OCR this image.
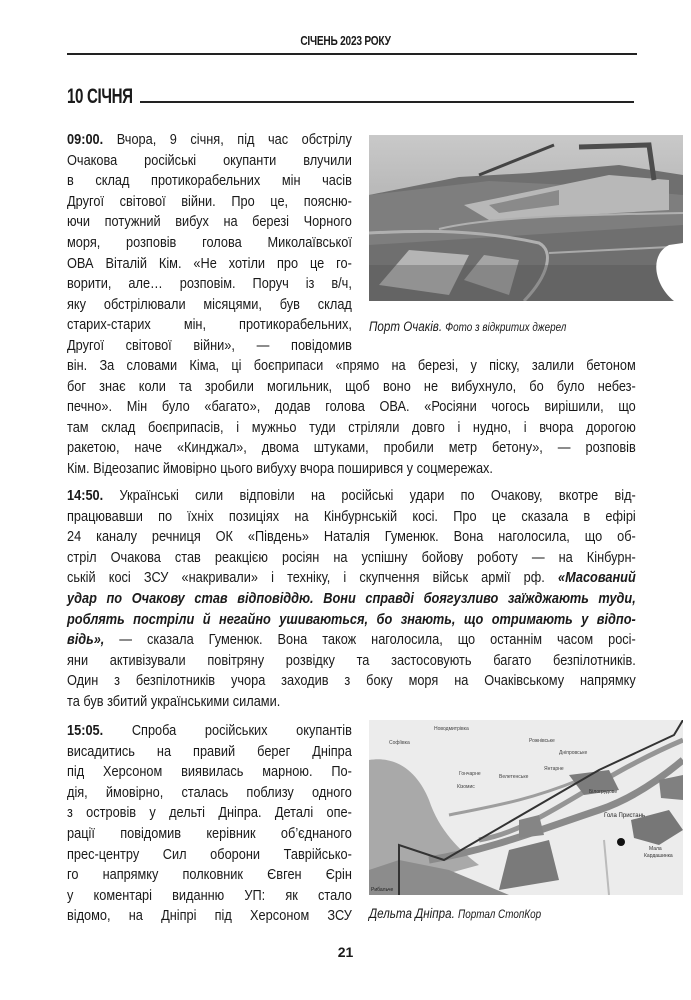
СІЧЕНЬ 2023 РОКУ
10 СІЧНЯ
09:00. Вчора, 9 січня, під час обстрілу
Очакова російські окупанти влучили
в склад протикорабельних мін часів
Другої світової війни. Про це, поясню-
ючи потужний вибух на березі Чорного
моря, розповів голова Миколаївської
ОВА Віталій Кім. «Не хотіли про це го-
ворити, але… розповім. Поруч із в/ч,
яку обстрілювали місяцями, був склад
старих-старих мін, протикорабельних,
Другої світової війни», — повідомив
Порт Очаків. Фото з відкритих джерел
він. За словами Кіма, ці боєприпаси «прямо на березі, у піску, залили бетоном
бог знає коли та зробили могильник, щоб воно не вибухнуло, бо було небез-
печно». Мін було «багато», додав голова ОВА. «Росіяни чогось вирішили, що
там склад боєприпасів, і мужньо туди стріляли довго і нудно, і вчора дорогою
ракетою, наче «Кинджал», двома штуками, пробили метр бетону», — розповів
Кім. Відеозапис ймовірно цього вибуху вчора поширився у соцмережах.
14:50. Українські сили відповіли на російські удари по Очакову, вкотре від-
працювавши по їхніх позиціях на Кінбурнській косі. Про це сказала в ефірі
24 каналу речниця ОК «Південь» Наталія Гуменюк. Вона наголосила, що об-
стріл Очакова став реакцією росіян на успішну бойову роботу — на Кінбурн-
ській косі ЗСУ «накривали» і техніку, і скупчення військ армії рф. «Масований
удар по Очакову став відповіддю. Вони справді боягузливо заїжджають туди,
роблять постріли й негайно ушиваються, бо знають, що отримають у відпо-
відь», — сказала Гуменюк. Вона також наголосила, що останнім часом росі-
яни активізували повітряну розвідку та застосовують багато безпілотників.
Один з безпілотників учора заходив з боку моря на Очаківському напрямку
та був збитий українськими силами.
15:05. Спроба російських окупантів
висадитись на правий берег Дніпра
під Херсоном виявилась марною. По-
дія, ймовірно, сталась поблизу одного
з островів у дельті Дніпра. Деталі опе-
рації повідомив керівник об’єднаного
прес-центру Сил оборони Таврійсько-
го напрямку полковник Євген Єрін
у коментарі виданню УП: як стало
відомо, на Дніпрі під Херсоном ЗСУ
Новодмитрівка
Софіївка	Рожнівське
Дніпровське
Янтарне
Гончарне	Велетенське
Кізомис
Білогрудове
Гола Пристань
Мала
Кардашинка
Рибальче
Дельта Дніпра. Портал СтопКор
21
